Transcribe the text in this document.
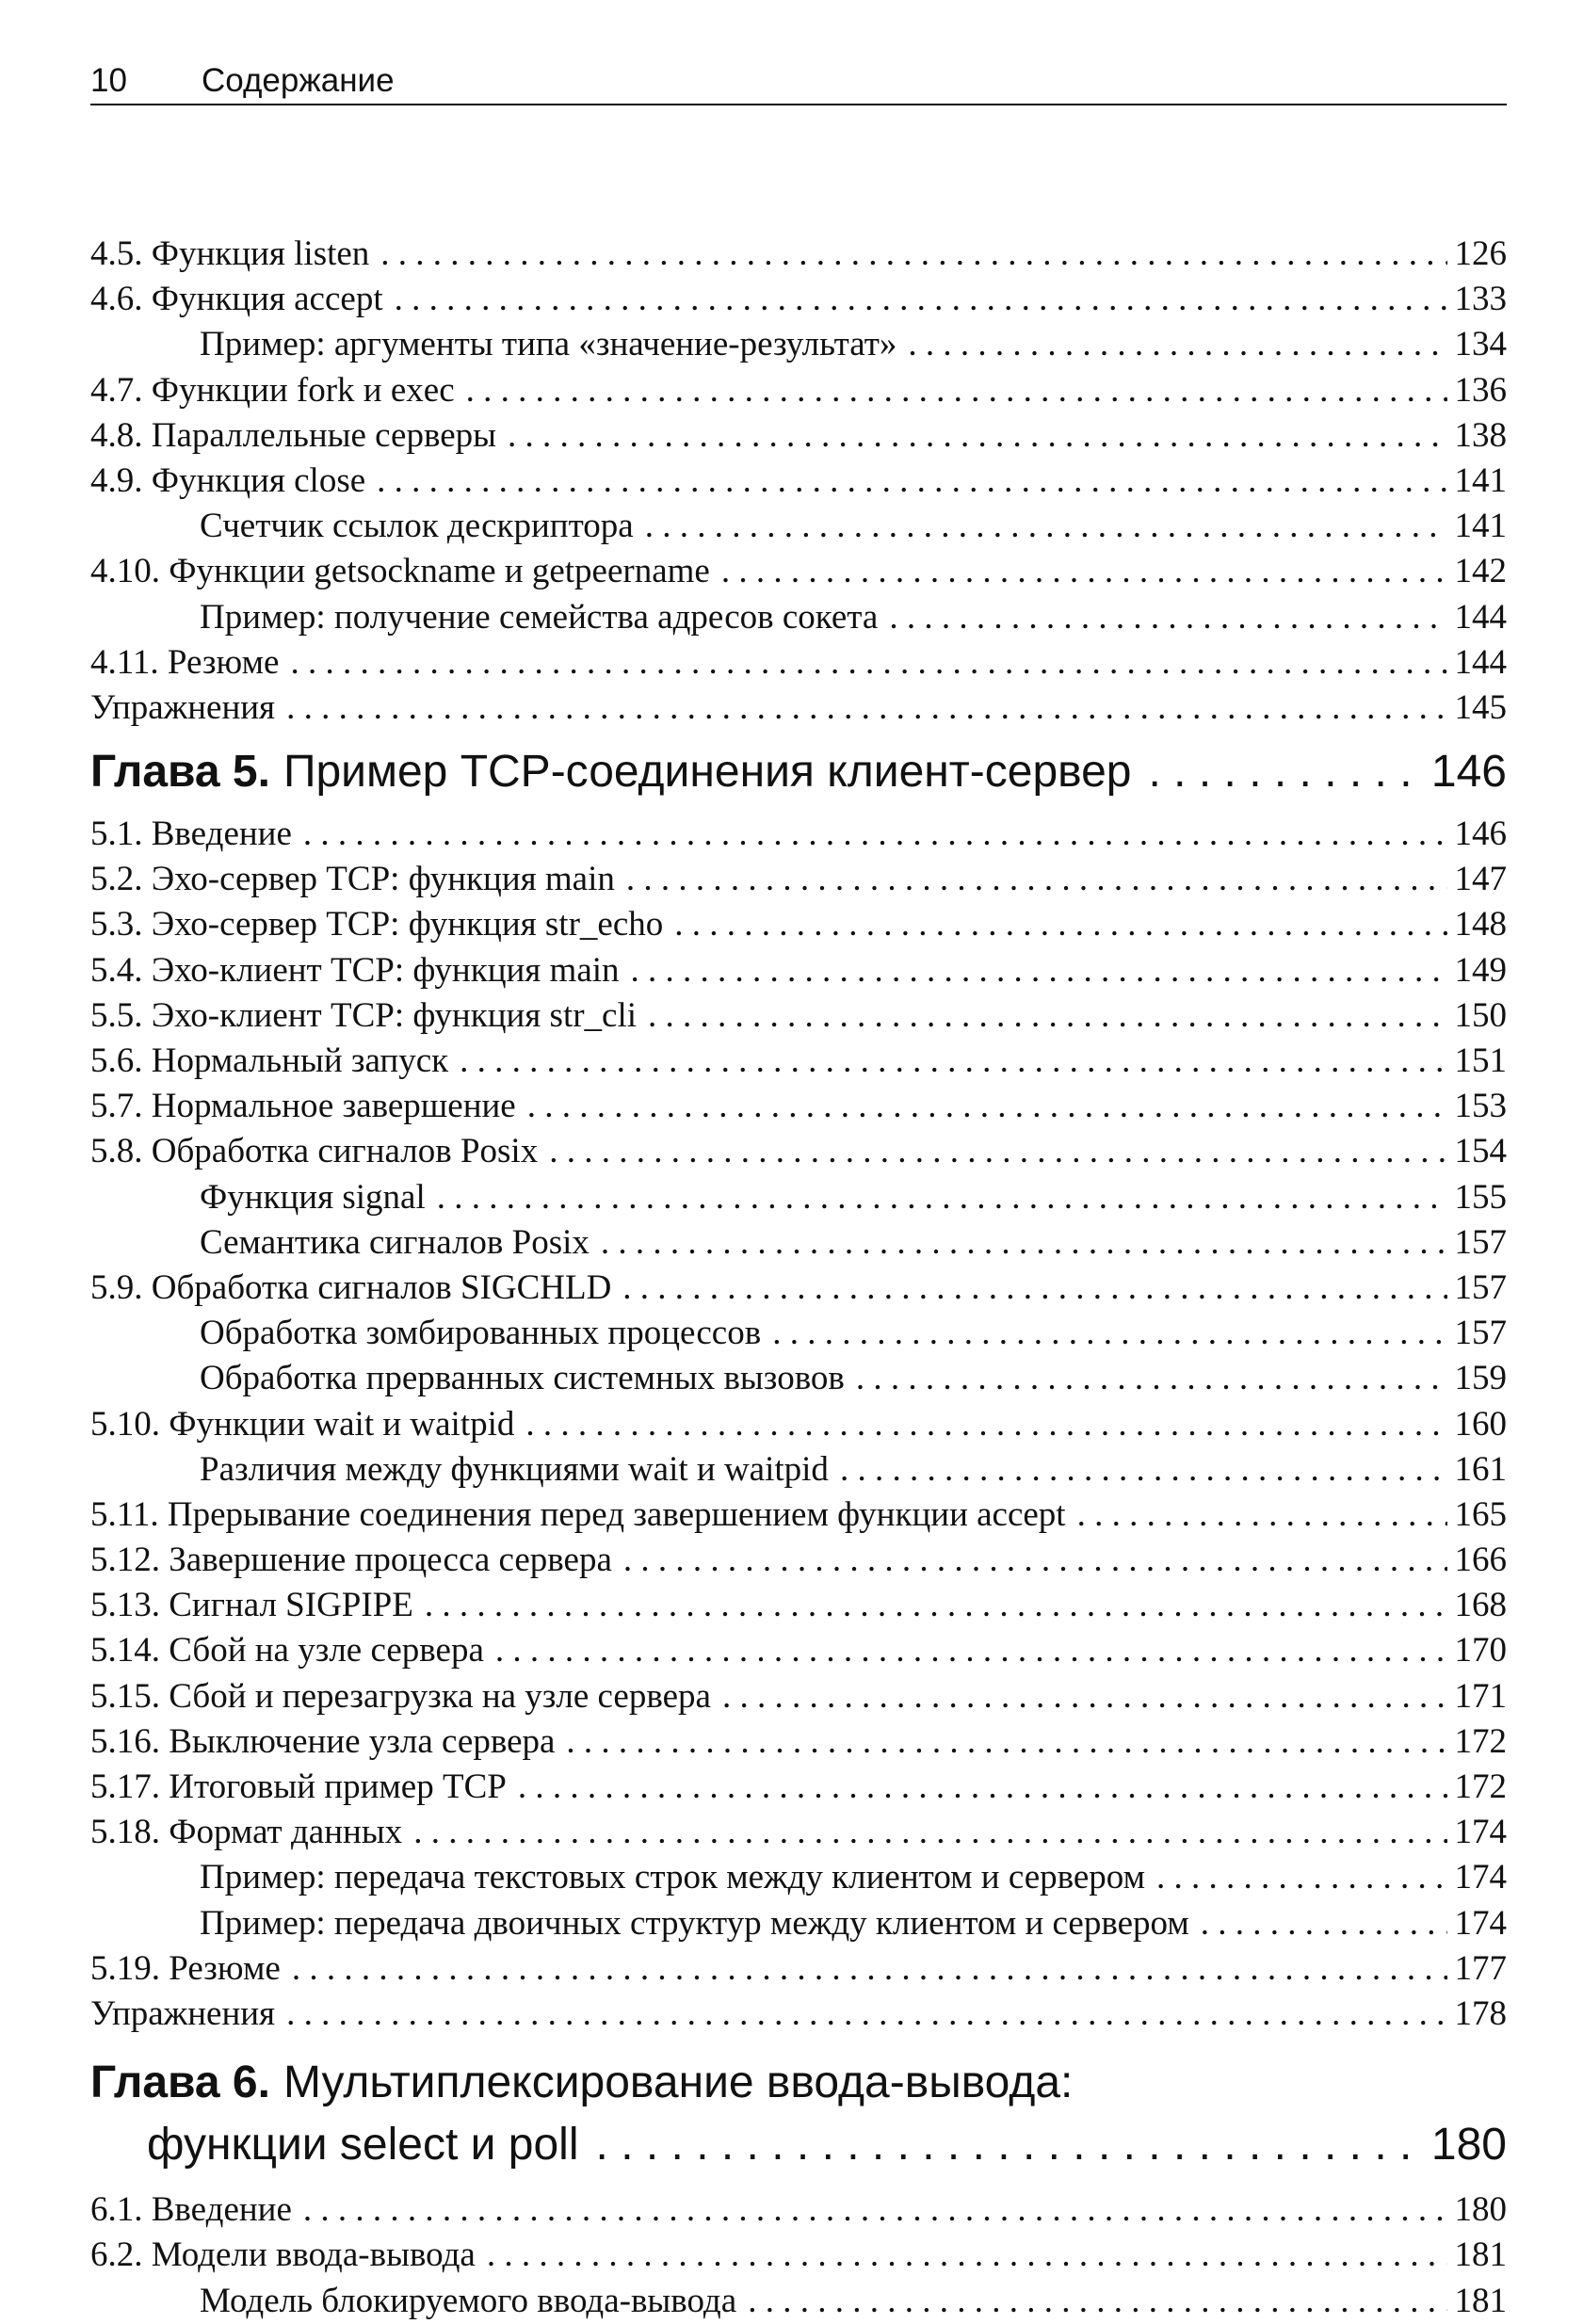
10 Содержание
4.5. Функция listen . . .	126
4.6. Функция accept . . .	133
Пример: аргументы типа «значение-результат» . . .	134
4.7. Функции fork и exec . . .	136
4.8. Параллельные серверы . . .	138
4.9. Функция close . . .	141
Счетчик ссылок дескриптора . . .	141
4.10. Функции getsockname и getpeername . . .	142
Пример: получение семейства адресов сокета . . .	144
4.11. Резюме . . .	144
Упражнения . . .	145
Глава 5. Пример TCP-соединения клиент-сервер . . .	146
5.1. Введение . . .	146
5.2. Эхо-сервер TCP: функция main . . .	147
5.3. Эхо-сервер TCP: функция str_echo . . .	148
5.4. Эхо-клиент TCP: функция main . . .	149
5.5. Эхо-клиент TCP: функция str_cli . . .	150
5.6. Нормальный запуск . . .	151
5.7. Нормальное завершение . . .	153
5.8. Обработка сигналов Posix . . .	154
Функция signal . . .	155
Семантика сигналов Posix . . .	157
5.9. Обработка сигналов SIGCHLD . . .	157
Обработка зомбированных процессов . . .	157
Обработка прерванных системных вызовов . . .	159
5.10. Функции wait и waitpid . . .	160
Различия между функциями wait и waitpid . . .	161
5.11. Прерывание соединения перед завершением функции accept . . .	165
5.12. Завершение процесса сервера . . .	166
5.13. Сигнал SIGPIPE . . .	168
5.14. Сбой на узле сервера . . .	170
5.15. Сбой и перезагрузка на узле сервера . . .	171
5.16. Выключение узла сервера . . .	172
5.17. Итоговый пример TCP . . .	172
5.18. Формат данных . . .	174
Пример: передача текстовых строк между клиентом и сервером . . .	174
Пример: передача двоичных структур между клиентом и сервером . . .	174
5.19. Резюме . . .	177
Упражнения . . .	178
Глава 6. Мультиплексирование ввода-вывода:
функции select и poll . . .	180
6.1. Введение . . .	180
6.2. Модели ввода-вывода . . .	181
Модель блокируемого ввода-вывода . . .	181
